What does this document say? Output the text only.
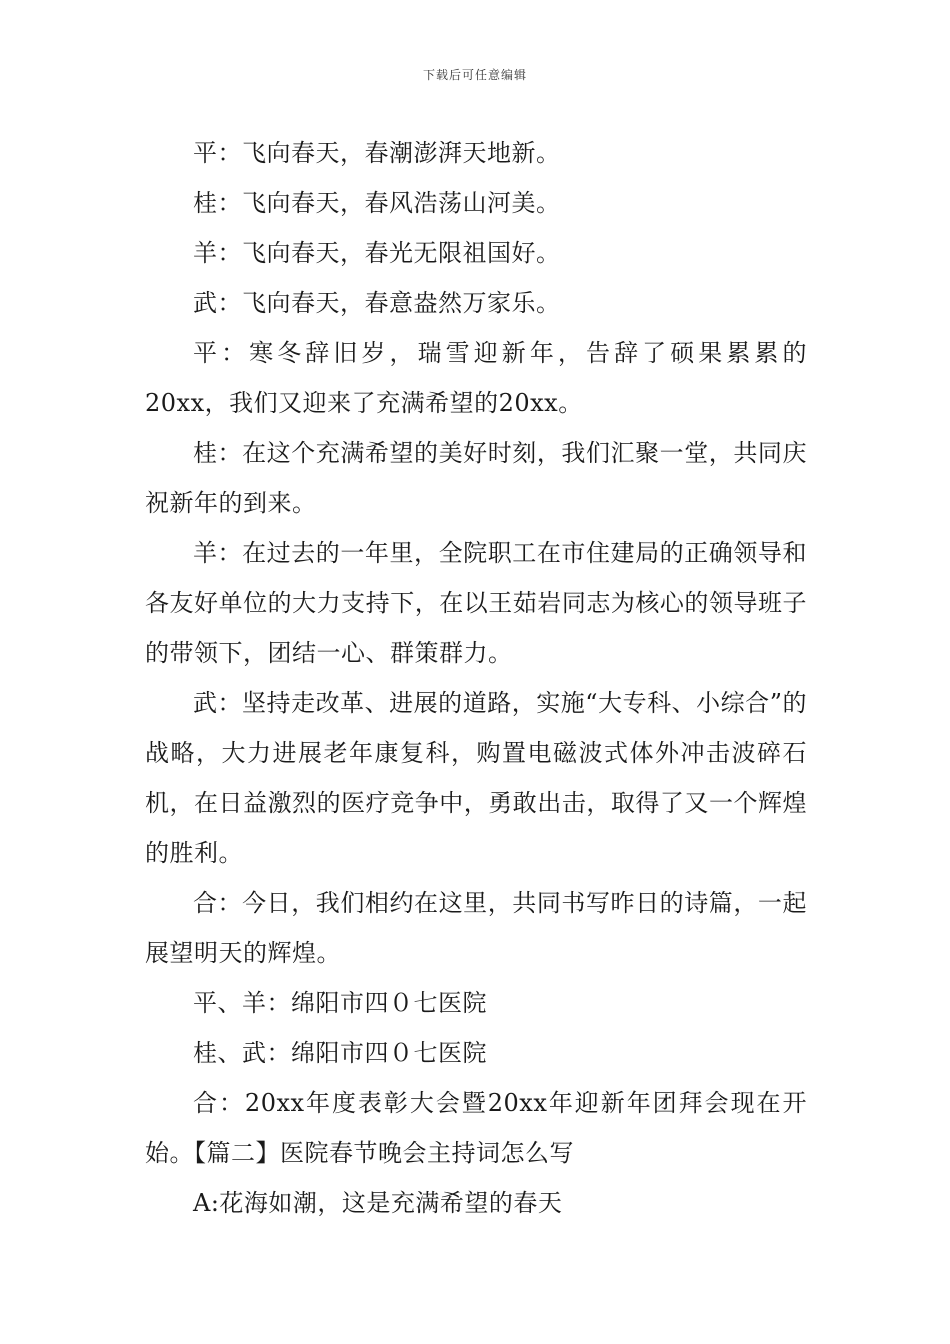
下载后可任意编辑

平：飞向春天，春潮澎湃天地新。

桂：飞向春天，春风浩荡山河美。

羊：飞向春天，春光无限祖国好。

武：飞向春天，春意盎然万家乐。

平：寒冬辞旧岁，瑞雪迎新年，告辞了硕果累累的20xx，我们又迎来了充满希望的20xx。

桂：在这个充满希望的美好时刻，我们汇聚一堂，共同庆祝新年的到来。

羊：在过去的一年里，全院职工在市住建局的正确领导和各友好单位的大力支持下，在以王茹岩同志为核心的领导班子的带领下，团结一心、群策群力。

武：坚持走改革、进展的道路，实施“大专科、小综合”的战略，大力进展老年康复科，购置电磁波式体外冲击波碎石机，在日益激烈的医疗竞争中，勇敢出击，取得了又一个辉煌的胜利。

合：今日，我们相约在这里，共同书写昨日的诗篇，一起展望明天的辉煌。

平、羊：绵阳市四０七医院

桂、武：绵阳市四０七医院

合：20xx年度表彰大会暨20xx年迎新年团拜会现在开始。【篇二】医院春节晚会主持词怎么写

A:花海如潮，这是充满希望的春天
